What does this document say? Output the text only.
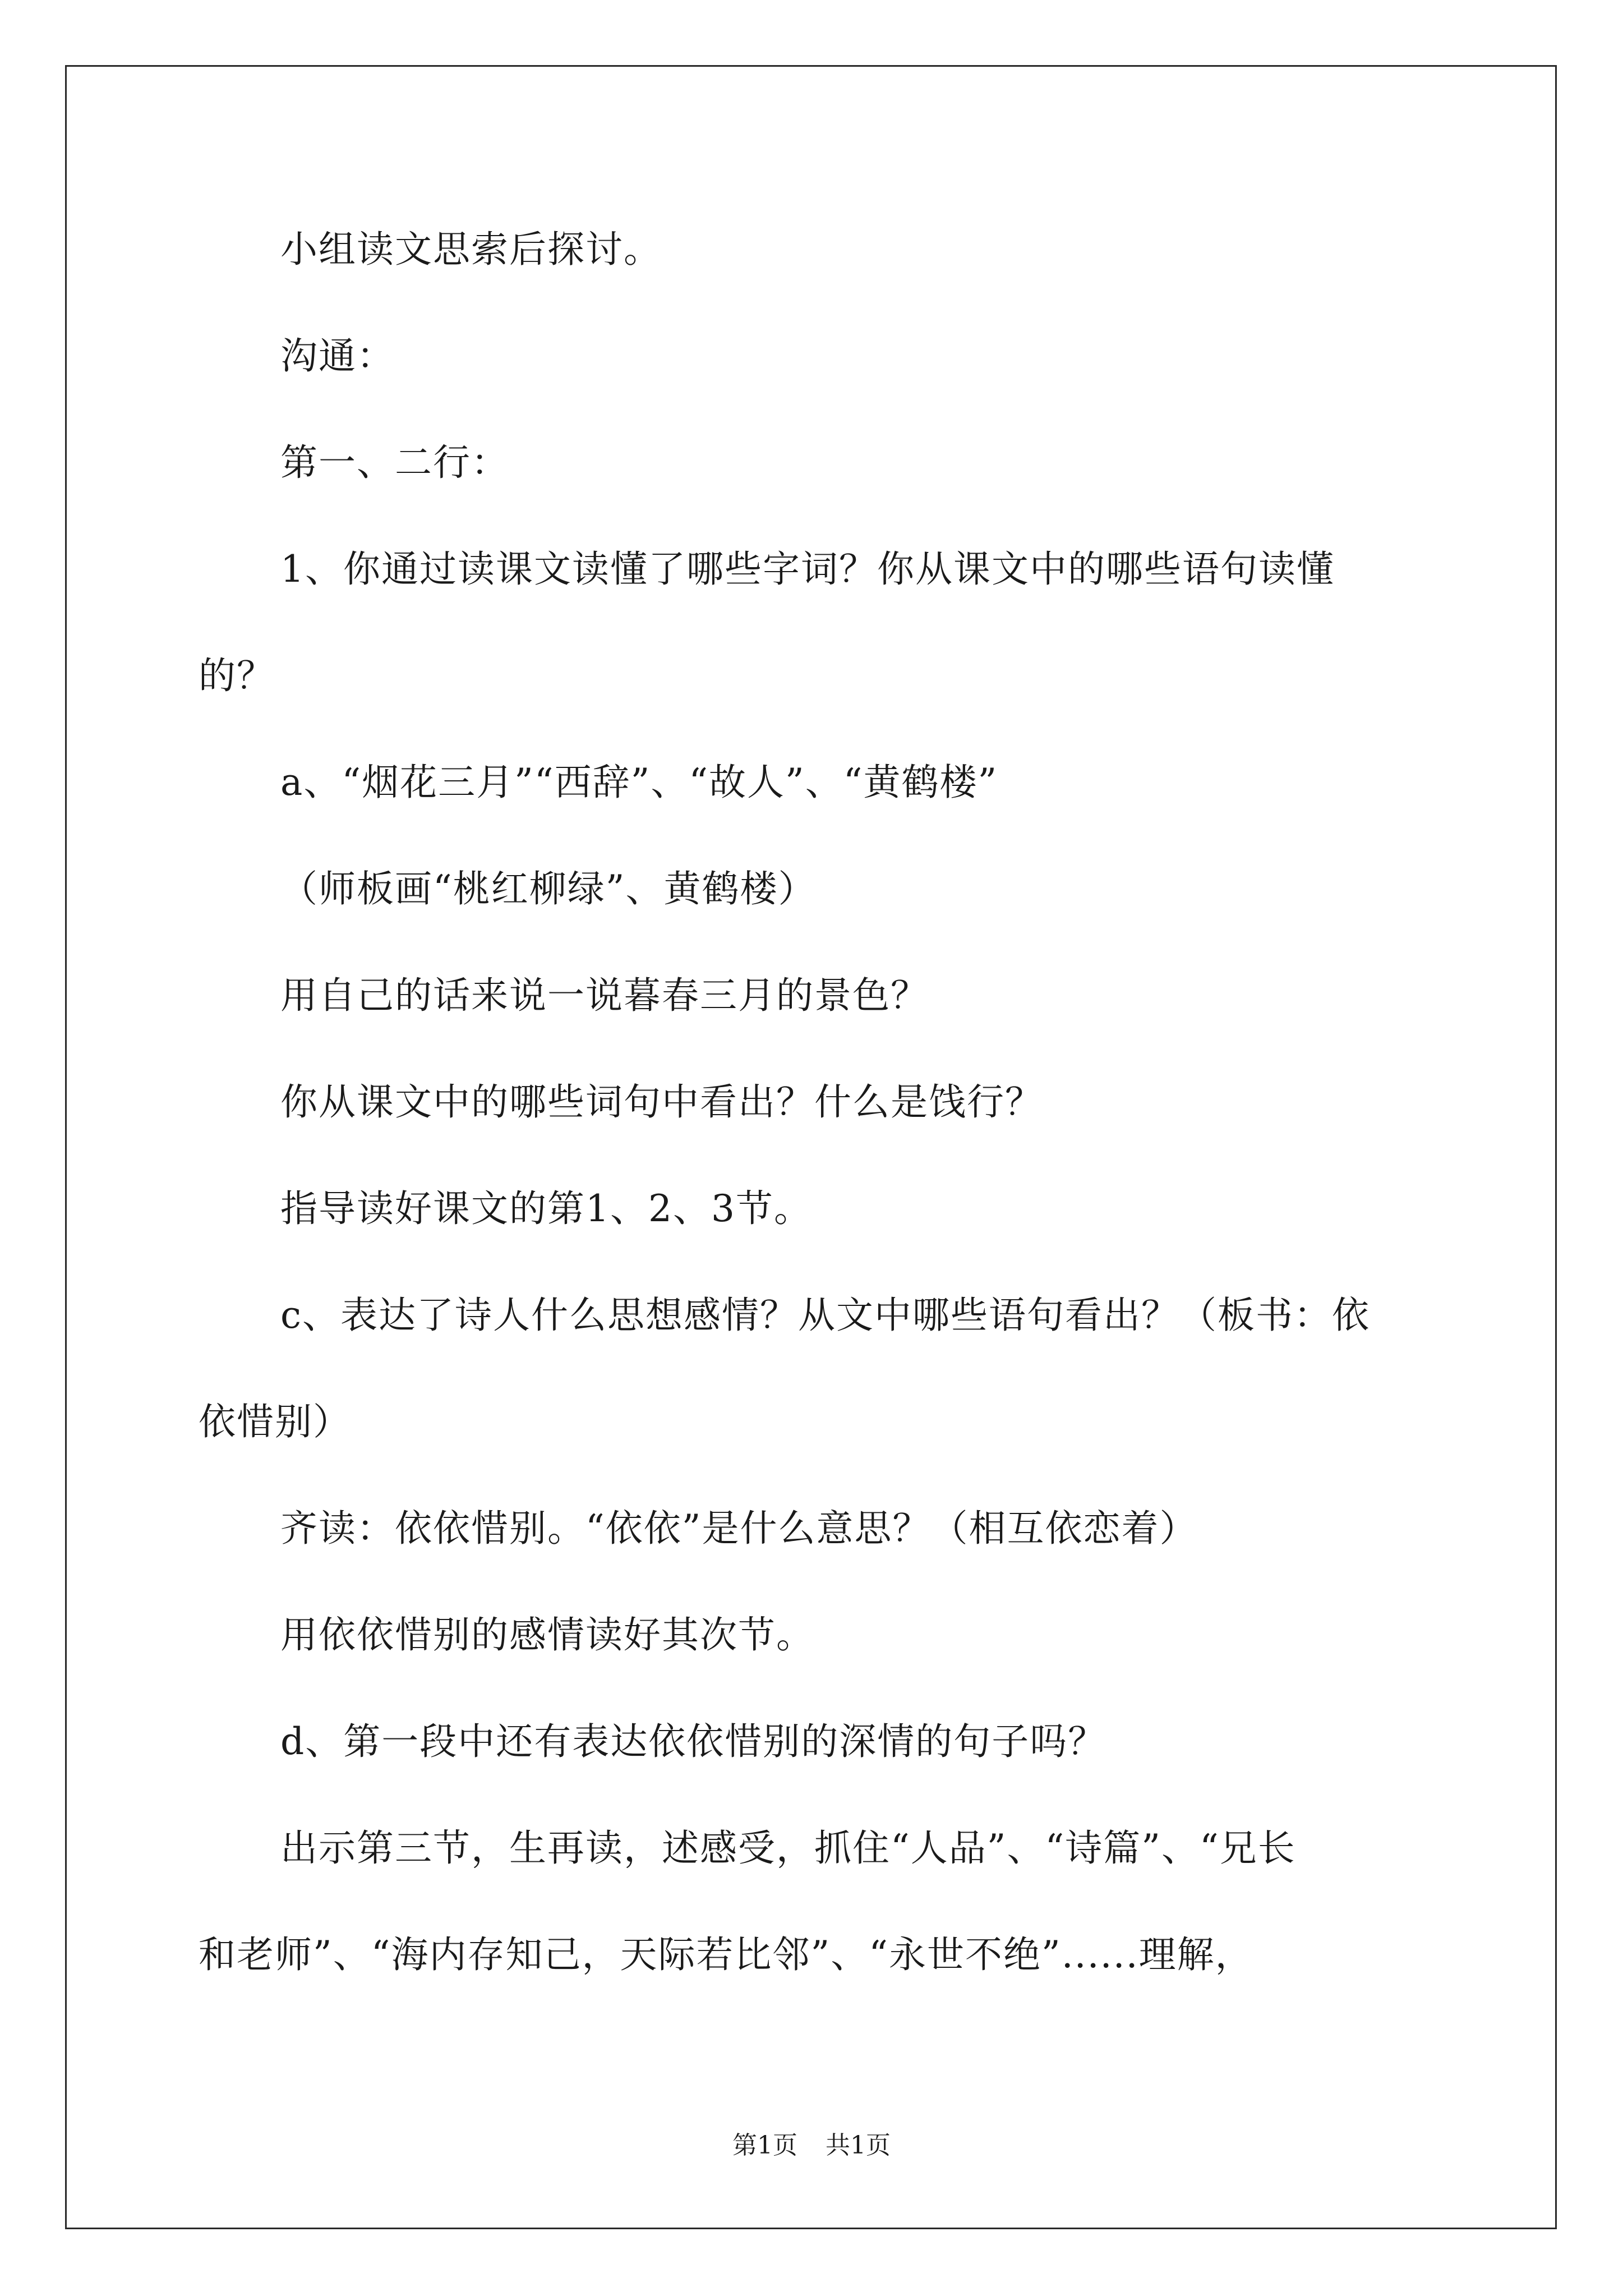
小组读文思索后探讨。
沟通：
第一、二行：
1、你通过读课文读懂了哪些字词？你从课文中的哪些语句读懂
的？
a、“烟花三月”“西辞”、“故人”、“黄鹤楼”
（师板画“桃红柳绿”、黄鹤楼）
用自己的话来说一说暮春三月的景色？
你从课文中的哪些词句中看出？什么是饯行？
指导读好课文的第1、2、3节。
c、表达了诗人什么思想感情？从文中哪些语句看出？（板书：依
依惜别）
齐读：依依惜别。“依依”是什么意思？（相互依恋着）
用依依惜别的感情读好其次节。
d、第一段中还有表达依依惜别的深情的句子吗？
出示第三节，生再读，述感受，抓住“人品”、“诗篇”、“兄长
和老师”、“海内存知己，天际若比邻”、“永世不绝”......理解，
第1页 共1页
